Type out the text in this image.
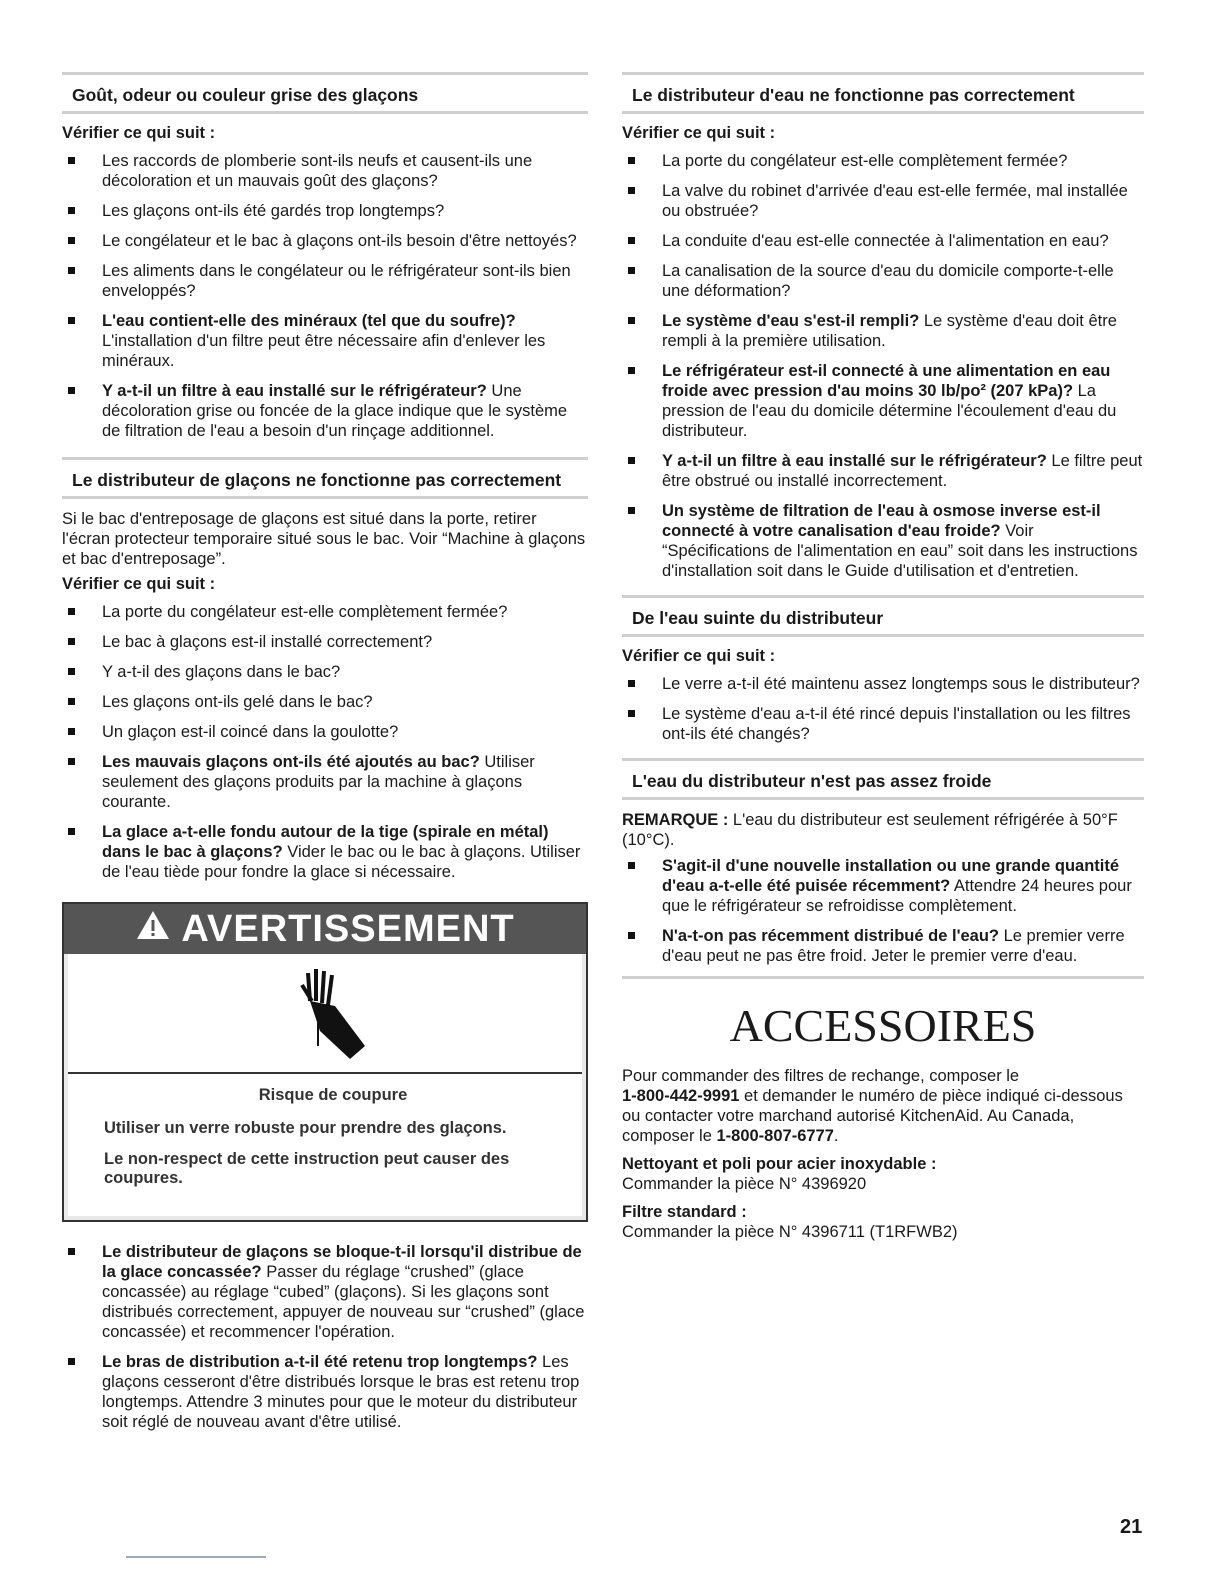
Goût, odeur ou couleur grise des glaçons
Vérifier ce qui suit :
Les raccords de plomberie sont-ils neufs et causent-ils une décoloration et un mauvais goût des glaçons?
Les glaçons ont-ils été gardés trop longtemps?
Le congélateur et le bac à glaçons ont-ils besoin d'être nettoyés?
Les aliments dans le congélateur ou le réfrigérateur sont-ils bien enveloppés?
L'eau contient-elle des minéraux (tel que du soufre)? L'installation d'un filtre peut être nécessaire afin d'enlever les minéraux.
Y a-t-il un filtre à eau installé sur le réfrigérateur? Une décoloration grise ou foncée de la glace indique que le système de filtration de l'eau a besoin d'un rinçage additionnel.
Le distributeur de glaçons ne fonctionne pas correctement

Si le bac d'entreposage de glaçons est situé dans la porte, retirer l'écran protecteur temporaire situé sous le bac. Voir “Machine à glaçons et bac d'entreposage”.

Vérifier ce qui suit :
La porte du congélateur est-elle complètement fermée?
Le bac à glaçons est-il installé correctement?
Y a-t-il des glaçons dans le bac?
Les glaçons ont-ils gelé dans le bac?
Un glaçon est-il coincé dans la goulotte?
Les mauvais glaçons ont-ils été ajoutés au bac? Utiliser seulement des glaçons produits par la machine à glaçons courante.
La glace a-t-elle fondu autour de la tige (spirale en métal) dans le bac à glaçons? Vider le bac ou le bac à glaçons. Utiliser de l'eau tiède pour fondre la glace si nécessaire.
AVERTISSEMENT
Risque de coupure
Utiliser un verre robuste pour prendre des glaçons.
Le non-respect de cette instruction peut causer des coupures.
Le distributeur de glaçons se bloque-t-il lorsqu'il distribue de la glace concassée? Passer du réglage “crushed” (glace concassée) au réglage “cubed” (glaçons). Si les glaçons sont distribués correctement, appuyer de nouveau sur “crushed” (glace concassée) et recommencer l'opération.
Le bras de distribution a-t-il été retenu trop longtemps? Les glaçons cesseront d'être distribués lorsque le bras est retenu trop longtemps. Attendre 3 minutes pour que le moteur du distributeur soit réglé de nouveau avant d'être utilisé.
Le distributeur d'eau ne fonctionne pas correctement
Vérifier ce qui suit :
La porte du congélateur est-elle complètement fermée?
La valve du robinet d'arrivée d'eau est-elle fermée, mal installée ou obstruée?
La conduite d'eau est-elle connectée à l'alimentation en eau?
La canalisation de la source d'eau du domicile comporte-t-elle une déformation?
Le système d'eau s'est-il rempli? Le système d'eau doit être rempli à la première utilisation.
Le réfrigérateur est-il connecté à une alimentation en eau froide avec pression d'au moins 30 lb/po² (207 kPa)? La pression de l'eau du domicile détermine l'écoulement d'eau du distributeur.
Y a-t-il un filtre à eau installé sur le réfrigérateur? Le filtre peut être obstrué ou installé incorrectement.
Un système de filtration de l'eau à osmose inverse est-il connecté à votre canalisation d'eau froide? Voir “Spécifications de l'alimentation en eau” soit dans les instructions d'installation soit dans le Guide d'utilisation et d'entretien.
De l'eau suinte du distributeur
Vérifier ce qui suit :
Le verre a-t-il été maintenu assez longtemps sous le distributeur?
Le système d'eau a-t-il été rincé depuis l'installation ou les filtres ont-ils été changés?
L'eau du distributeur n'est pas assez froide

REMARQUE : L'eau du distributeur est seulement réfrigérée à 50°F (10°C).

S'agit-il d'une nouvelle installation ou une grande quantité d'eau a-t-elle été puisée récemment? Attendre 24 heures pour que le réfrigérateur se refroidisse complètement.
N'a-t-on pas récemment distribué de l'eau? Le premier verre d'eau peut ne pas être froid. Jeter le premier verre d'eau.
ACCESSOIRES

Pour commander des filtres de rechange, composer le
1-800-442-9991 et demander le numéro de pièce indiqué ci-dessous ou contacter votre marchand autorisé KitchenAid. Au Canada, composer le 1-800-807-6777.

Nettoyant et poli pour acier inoxydable :

Commander la pièce N° 4396920

Filtre standard :

Commander la pièce N° 4396711 (T1RFWB2)

21
